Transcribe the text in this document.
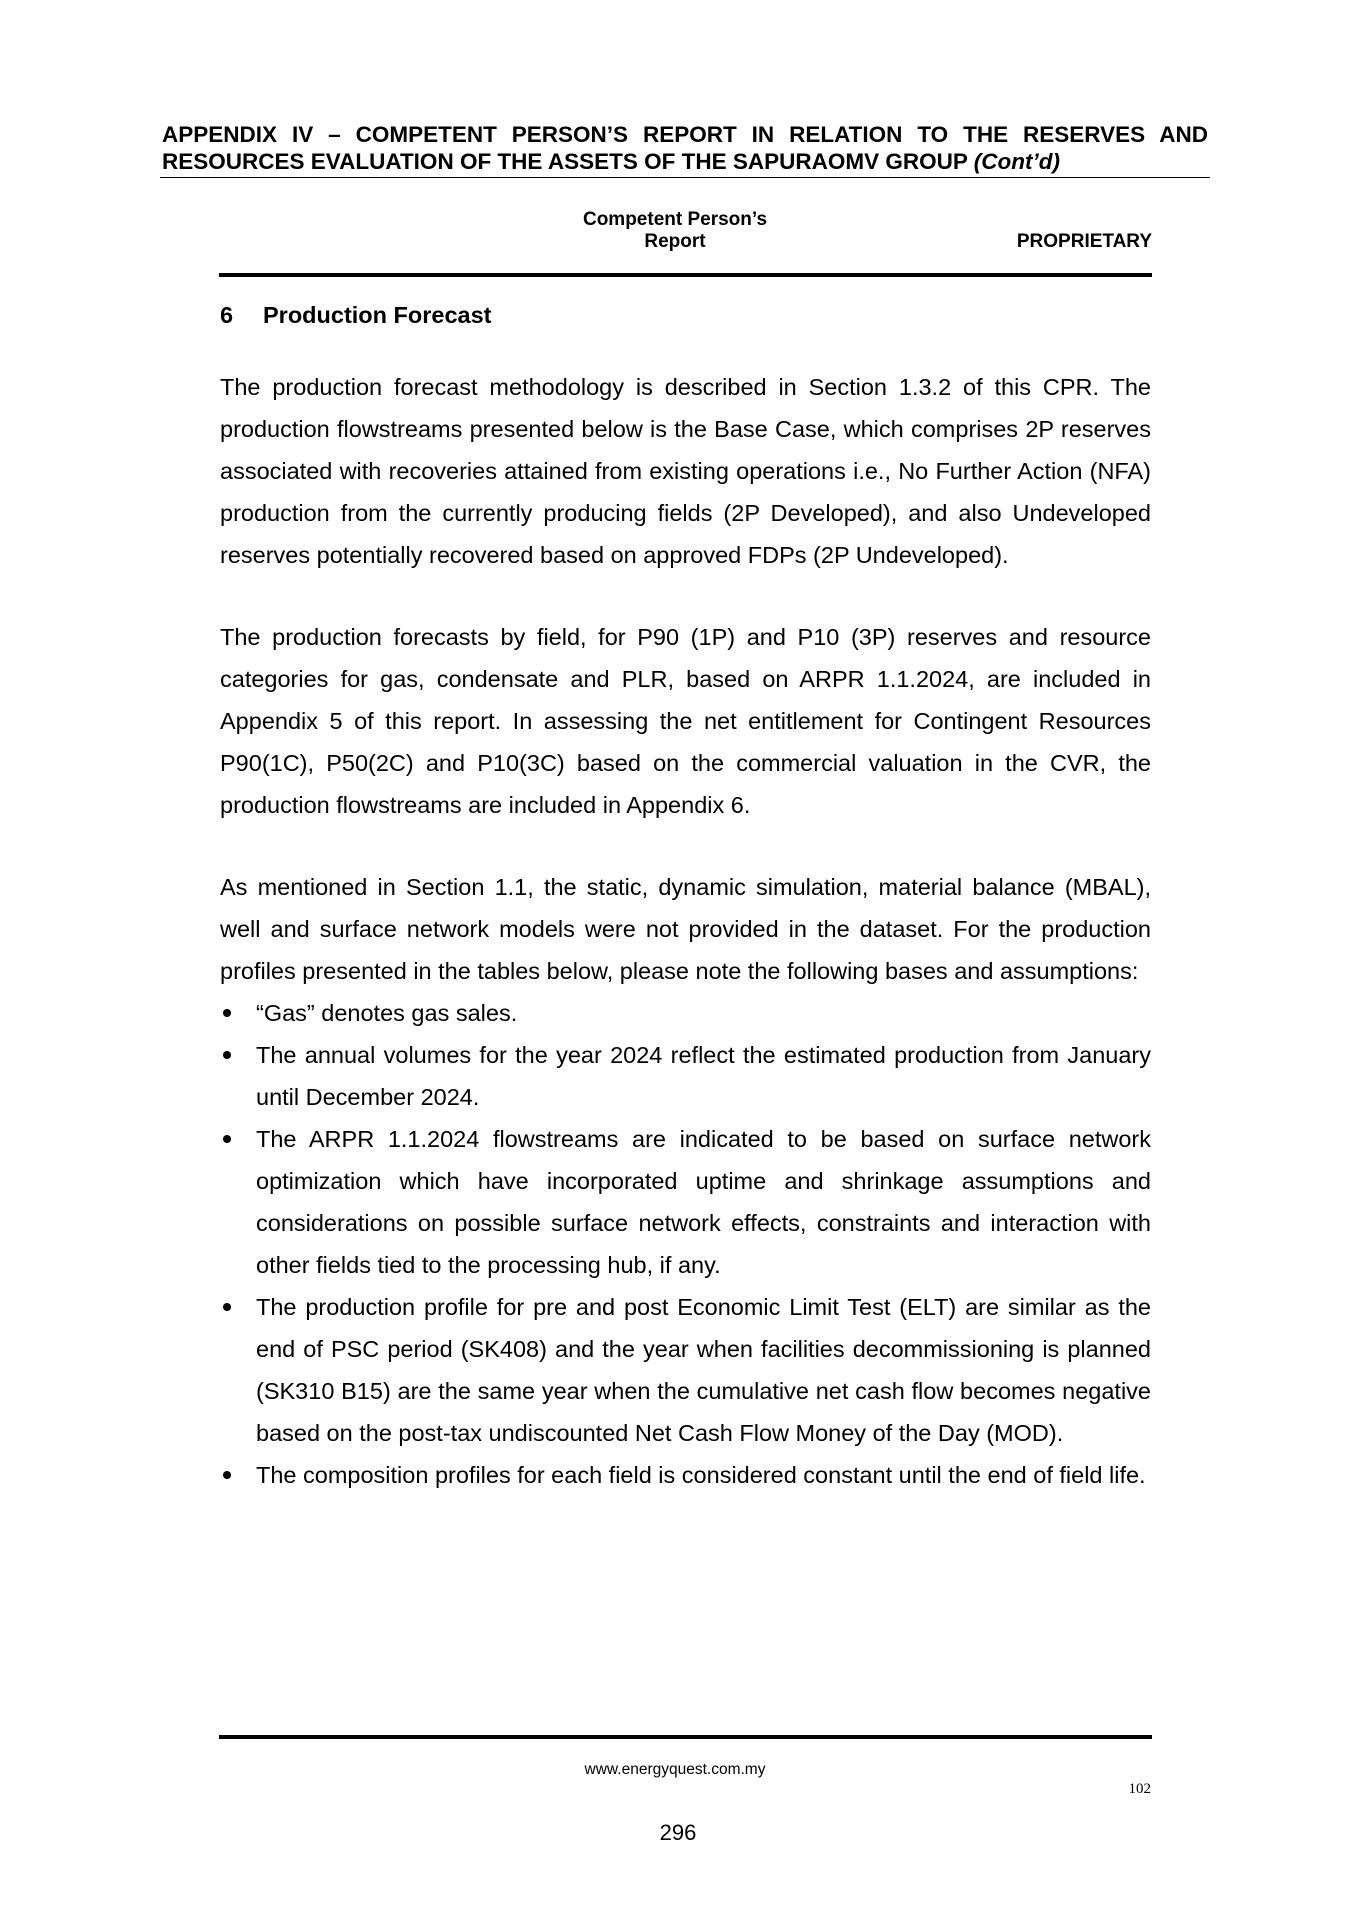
APPENDIX IV – COMPETENT PERSON’S REPORT IN RELATION TO THE RESERVES AND
RESOURCES EVALUATION OF THE ASSETS OF THE SAPURAOMV GROUP (Cont’d)
Competent Person’s Report	PROPRIETARY
6 Production Forecast

The production forecast methodology is described in Section 1.3.2 of this CPR. The production flowstreams presented below is the Base Case, which comprises 2P reserves associated with recoveries attained from existing operations i.e., No Further Action (NFA) production from the currently producing fields (2P Developed), and also Undeveloped reserves potentially recovered based on approved FDPs (2P Undeveloped).

The production forecasts by field, for P90 (1P) and P10 (3P) reserves and resource categories for gas, condensate and PLR, based on ARPR 1.1.2024, are included in Appendix 5 of this report. In assessing the net entitlement for Contingent Resources P90(1C), P50(2C) and P10(3C) based on the commercial valuation in the CVR, the production flowstreams are included in Appendix 6.

As mentioned in Section 1.1, the static, dynamic simulation, material balance (MBAL), well and surface network models were not provided in the dataset. For the production profiles presented in the tables below, please note the following bases and assumptions:

“Gas” denotes gas sales.
The annual volumes for the year 2024 reflect the estimated production from January until December 2024.
The ARPR 1.1.2024 flowstreams are indicated to be based on surface network optimization which have incorporated uptime and shrinkage assumptions and considerations on possible surface network effects, constraints and interaction with other fields tied to the processing hub, if any.
The production profile for pre and post Economic Limit Test (ELT) are similar as the end of PSC period (SK408) and the year when facilities decommissioning is planned (SK310 B15) are the same year when the cumulative net cash flow becomes negative based on the post-tax undiscounted Net Cash Flow Money of the Day (MOD).
The composition profiles for each field is considered constant until the end of field life.
www.energyquest.com.my
102
296
